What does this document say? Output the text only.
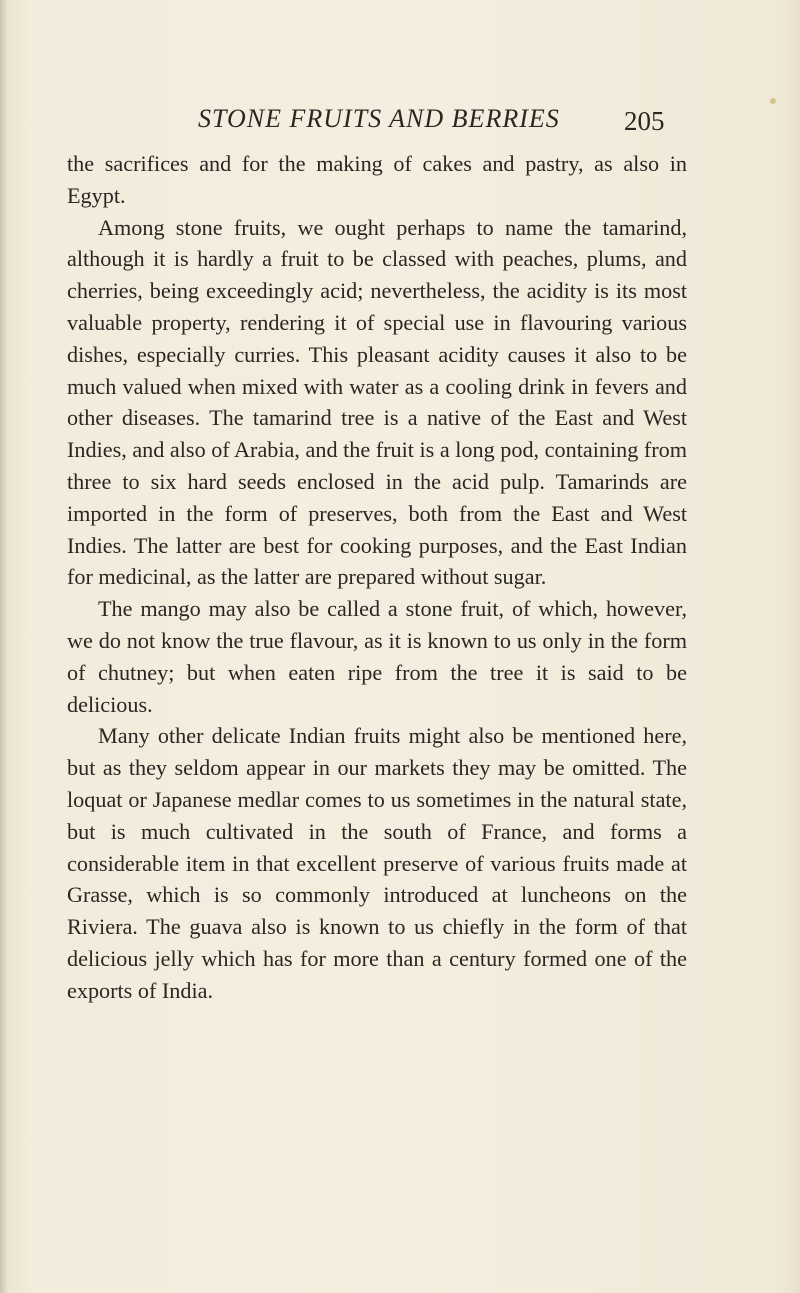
STONE FRUITS AND BERRIES 205

the sacrifices and for the making of cakes and pastry, as also in Egypt.

Among stone fruits, we ought perhaps to name the tamarind, although it is hardly a fruit to be classed with peaches, plums, and cherries, being exceedingly acid; nevertheless, the acidity is its most valuable property, rendering it of special use in flavouring various dishes, especially curries. This pleasant acidity causes it also to be much valued when mixed with water as a cooling drink in fevers and other diseases. The tamarind tree is a native of the East and West Indies, and also of Arabia, and the fruit is a long pod, containing from three to six hard seeds enclosed in the acid pulp. Tamarinds are imported in the form of preserves, both from the East and West Indies. The latter are best for cooking purposes, and the East Indian for medicinal, as the latter are prepared without sugar.

The mango may also be called a stone fruit, of which, however, we do not know the true flavour, as it is known to us only in the form of chutney; but when eaten ripe from the tree it is said to be delicious.

Many other delicate Indian fruits might also be mentioned here, but as they seldom appear in our markets they may be omitted. The loquat or Japanese medlar comes to us sometimes in the natural state, but is much cultivated in the south of France, and forms a considerable item in that excellent preserve of various fruits made at Grasse, which is so commonly introduced at luncheons on the Riviera. The guava also is known to us chiefly in the form of that delicious jelly which has for more than a century formed one of the exports of India.
